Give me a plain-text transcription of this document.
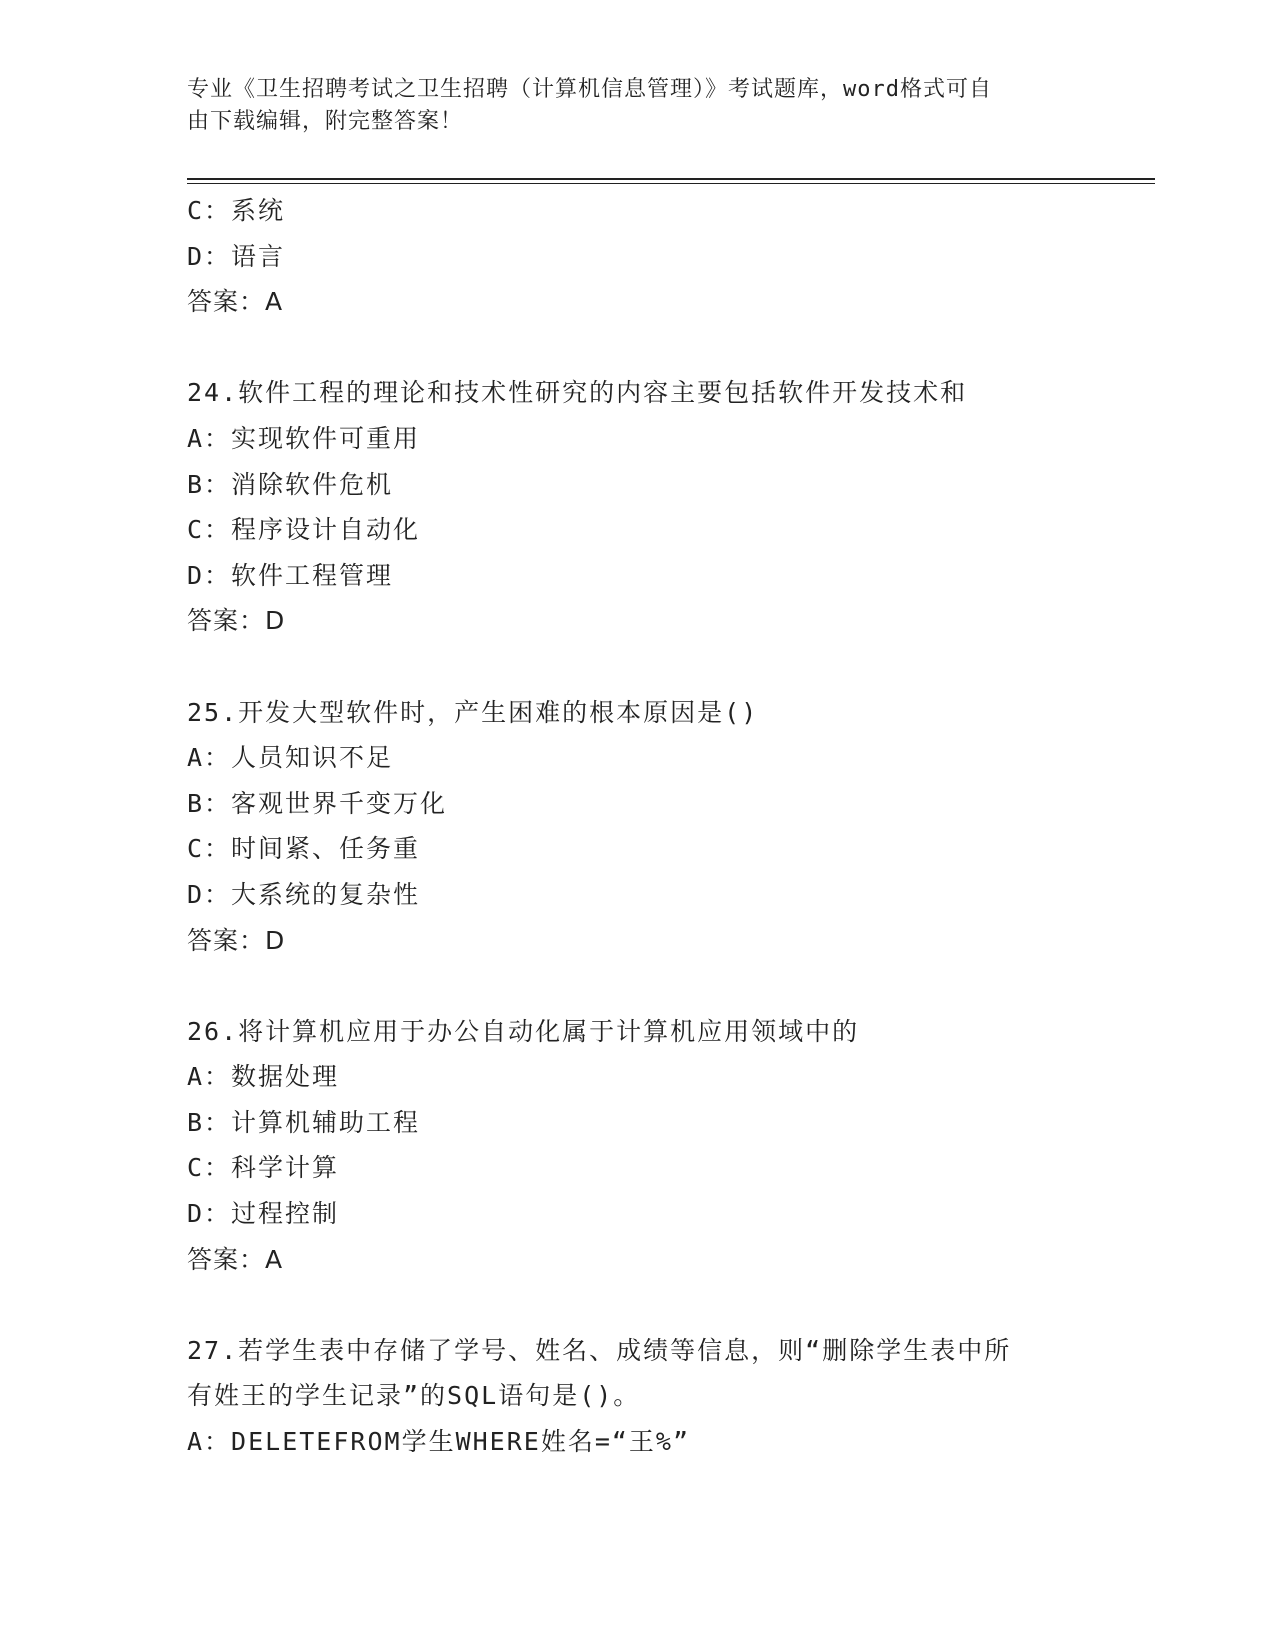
专业《卫生招聘考试之卫生招聘（计算机信息管理）》考试题库，word格式可自
由下载编辑，附完整答案！
C：系统
D：语言
答案：A
24.软件工程的理论和技术性研究的内容主要包括软件开发技术和
A：实现软件可重用
B：消除软件危机
C：程序设计自动化
D：软件工程管理
答案：D
25.开发大型软件时，产生困难的根本原因是()
A：人员知识不足
B：客观世界千变万化
C：时间紧、任务重
D：大系统的复杂性
答案：D
26.将计算机应用于办公自动化属于计算机应用领域中的
A：数据处理
B：计算机辅助工程
C：科学计算
D：过程控制
答案：A
27.若学生表中存储了学号、姓名、成绩等信息，则“删除学生表中所
有姓王的学生记录”的SQL语句是()。
A：DELETEFROM学生WHERE姓名=“王%”
